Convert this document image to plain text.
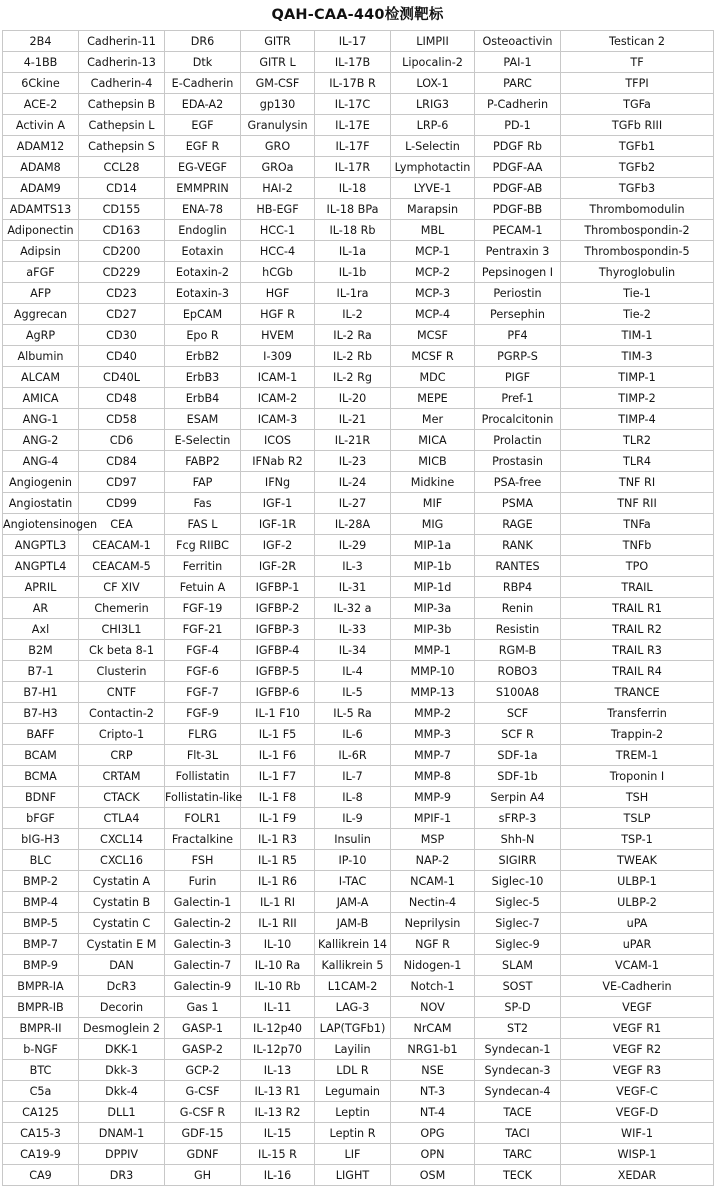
QAH-CAA-440检测靶标
2B4	Cadherin-11	DR6	GITR	IL-17	LIMPII	Osteoactivin	Testican 2
4-1BB	Cadherin-13	Dtk	GITR L	IL-17B	Lipocalin-2	PAI-1	TF
6Ckine	Cadherin-4	E-Cadherin	GM-CSF	IL-17B R	LOX-1	PARC	TFPI
ACE-2	Cathepsin B	EDA-A2	gp130	IL-17C	LRIG3	P-Cadherin	TGFa
Activin A	Cathepsin L	EGF	Granulysin	IL-17E	LRP-6	PD-1	TGFb RIII
ADAM12	Cathepsin S	EGF R	GRO	IL-17F	L-Selectin	PDGF Rb	TGFb1
ADAM8	CCL28	EG-VEGF	GROa	IL-17R	Lymphotactin	PDGF-AA	TGFb2
ADAM9	CD14	EMMPRIN	HAI-2	IL-18	LYVE-1	PDGF-AB	TGFb3
ADAMTS13	CD155	ENA-78	HB-EGF	IL-18 BPa	Marapsin	PDGF-BB	Thrombomodulin
Adiponectin	CD163	Endoglin	HCC-1	IL-18 Rb	MBL	PECAM-1	Thrombospondin-2
Adipsin	CD200	Eotaxin	HCC-4	IL-1a	MCP-1	Pentraxin 3	Thrombospondin-5
aFGF	CD229	Eotaxin-2	hCGb	IL-1b	MCP-2	Pepsinogen I	Thyroglobulin
AFP	CD23	Eotaxin-3	HGF	IL-1ra	MCP-3	Periostin	Tie-1
Aggrecan	CD27	EpCAM	HGF R	IL-2	MCP-4	Persephin	Tie-2
AgRP	CD30	Epo R	HVEM	IL-2 Ra	MCSF	PF4	TIM-1
Albumin	CD40	ErbB2	I-309	IL-2 Rb	MCSF R	PGRP-S	TIM-3
ALCAM	CD40L	ErbB3	ICAM-1	IL-2 Rg	MDC	PIGF	TIMP-1
AMICA	CD48	ErbB4	ICAM-2	IL-20	MEPE	Pref-1	TIMP-2
ANG-1	CD58	ESAM	ICAM-3	IL-21	Mer	Procalcitonin	TIMP-4
ANG-2	CD6	E-Selectin	ICOS	IL-21R	MICA	Prolactin	TLR2
ANG-4	CD84	FABP2	IFNab R2	IL-23	MICB	Prostasin	TLR4
Angiogenin	CD97	FAP	IFNg	IL-24	Midkine	PSA-free	TNF RI
Angiostatin	CD99	Fas	IGF-1	IL-27	MIF	PSMA	TNF RII
Angiotensinogen	CEA	FAS L	IGF-1R	IL-28A	MIG	RAGE	TNFa
ANGPTL3	CEACAM-1	Fcg RIIBC	IGF-2	IL-29	MIP-1a	RANK	TNFb
ANGPTL4	CEACAM-5	Ferritin	IGF-2R	IL-3	MIP-1b	RANTES	TPO
APRIL	CF XIV	Fetuin A	IGFBP-1	IL-31	MIP-1d	RBP4	TRAIL
AR	Chemerin	FGF-19	IGFBP-2	IL-32 a	MIP-3a	Renin	TRAIL R1
Axl	CHI3L1	FGF-21	IGFBP-3	IL-33	MIP-3b	Resistin	TRAIL R2
B2M	Ck beta 8-1	FGF-4	IGFBP-4	IL-34	MMP-1	RGM-B	TRAIL R3
B7-1	Clusterin	FGF-6	IGFBP-5	IL-4	MMP-10	ROBO3	TRAIL R4
B7-H1	CNTF	FGF-7	IGFBP-6	IL-5	MMP-13	S100A8	TRANCE
B7-H3	Contactin-2	FGF-9	IL-1 F10	IL-5 Ra	MMP-2	SCF	Transferrin
BAFF	Cripto-1	FLRG	IL-1 F5	IL-6	MMP-3	SCF R	Trappin-2
BCAM	CRP	Flt-3L	IL-1 F6	IL-6R	MMP-7	SDF-1a	TREM-1
BCMA	CRTAM	Follistatin	IL-1 F7	IL-7	MMP-8	SDF-1b	Troponin I
BDNF	CTACK	Follistatin-like	IL-1 F8	IL-8	MMP-9	Serpin A4	TSH
bFGF	CTLA4	FOLR1	IL-1 F9	IL-9	MPIF-1	sFRP-3	TSLP
bIG-H3	CXCL14	Fractalkine	IL-1 R3	Insulin	MSP	Shh-N	TSP-1
BLC	CXCL16	FSH	IL-1 R5	IP-10	NAP-2	SIGIRR	TWEAK
BMP-2	Cystatin A	Furin	IL-1 R6	I-TAC	NCAM-1	Siglec-10	ULBP-1
BMP-4	Cystatin B	Galectin-1	IL-1 RI	JAM-A	Nectin-4	Siglec-5	ULBP-2
BMP-5	Cystatin C	Galectin-2	IL-1 RII	JAM-B	Neprilysin	Siglec-7	uPA
BMP-7	Cystatin E M	Galectin-3	IL-10	Kallikrein 14	NGF R	Siglec-9	uPAR
BMP-9	DAN	Galectin-7	IL-10 Ra	Kallikrein 5	Nidogen-1	SLAM	VCAM-1
BMPR-IA	DcR3	Galectin-9	IL-10 Rb	L1CAM-2	Notch-1	SOST	VE-Cadherin
BMPR-IB	Decorin	Gas 1	IL-11	LAG-3	NOV	SP-D	VEGF
BMPR-II	Desmoglein 2	GASP-1	IL-12p40	LAP(TGFb1)	NrCAM	ST2	VEGF R1
b-NGF	DKK-1	GASP-2	IL-12p70	Layilin	NRG1-b1	Syndecan-1	VEGF R2
BTC	Dkk-3	GCP-2	IL-13	LDL R	NSE	Syndecan-3	VEGF R3
C5a	Dkk-4	G-CSF	IL-13 R1	Legumain	NT-3	Syndecan-4	VEGF-C
CA125	DLL1	G-CSF R	IL-13 R2	Leptin	NT-4	TACE	VEGF-D
CA15-3	DNAM-1	GDF-15	IL-15	Leptin R	OPG	TACI	WIF-1
CA19-9	DPPIV	GDNF	IL-15 R	LIF	OPN	TARC	WISP-1
CA9	DR3	GH	IL-16	LIGHT	OSM	TECK	XEDAR
